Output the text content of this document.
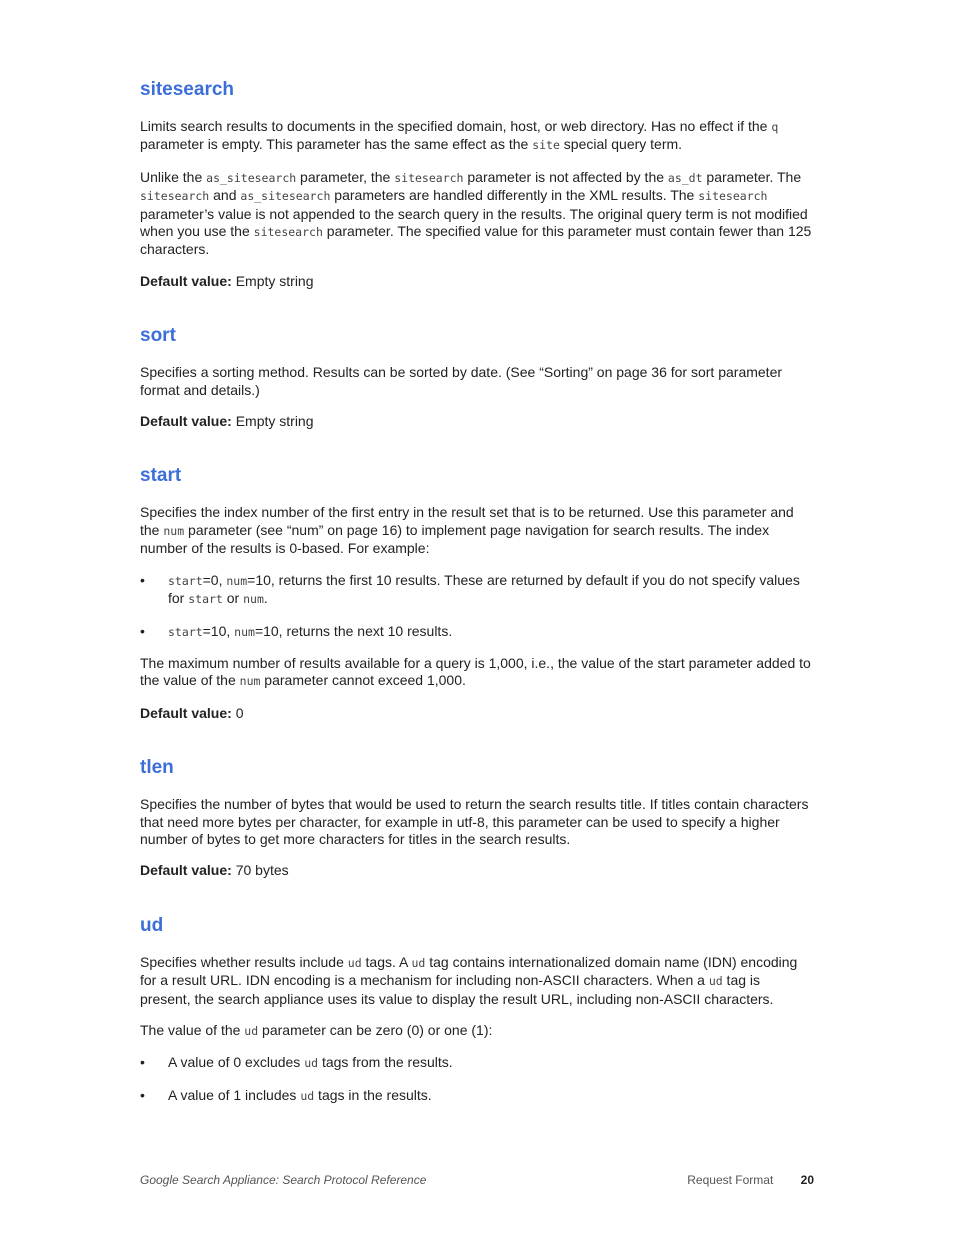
sitesearch

Limits search results to documents in the specified domain, host, or web directory. Has no effect if the q parameter is empty. This parameter has the same effect as the site special query term.

Unlike the as_sitesearch parameter, the sitesearch parameter is not affected by the as_dt parameter. The sitesearch and as_sitesearch parameters are handled differently in the XML results. The sitesearch parameter’s value is not appended to the search query in the results. The original query term is not modified when you use the sitesearch parameter. The specified value for this parameter must contain fewer than 125 characters.

Default value: Empty string

sort

Specifies a sorting method. Results can be sorted by date. (See “Sorting” on page 36 for sort parameter format and details.)

Default value: Empty string

start

Specifies the index number of the first entry in the result set that is to be returned. Use this parameter and the num parameter (see “num” on page 16) to implement page navigation for search results. The index number of the results is 0-based. For example:

• start=0, num=10, returns the first 10 results. These are returned by default if you do not specify values for start or num.
• start=10, num=10, returns the next 10 results.

The maximum number of results available for a query is 1,000, i.e., the value of the start parameter added to the value of the num parameter cannot exceed 1,000.

Default value: 0

tlen

Specifies the number of bytes that would be used to return the search results title. If titles contain characters that need more bytes per character, for example in utf-8, this parameter can be used to specify a higher number of bytes to get more characters for titles in the search results.

Default value: 70 bytes

ud

Specifies whether results include ud tags. A ud tag contains internationalized domain name (IDN) encoding for a result URL. IDN encoding is a mechanism for including non-ASCII characters. When a ud tag is present, the search appliance uses its value to display the result URL, including non-ASCII characters.

The value of the ud parameter can be zero (0) or one (1):

• A value of 0 excludes ud tags from the results.
• A value of 1 includes ud tags in the results.
Google Search Appliance: Search Protocol Reference	Request Format 20
